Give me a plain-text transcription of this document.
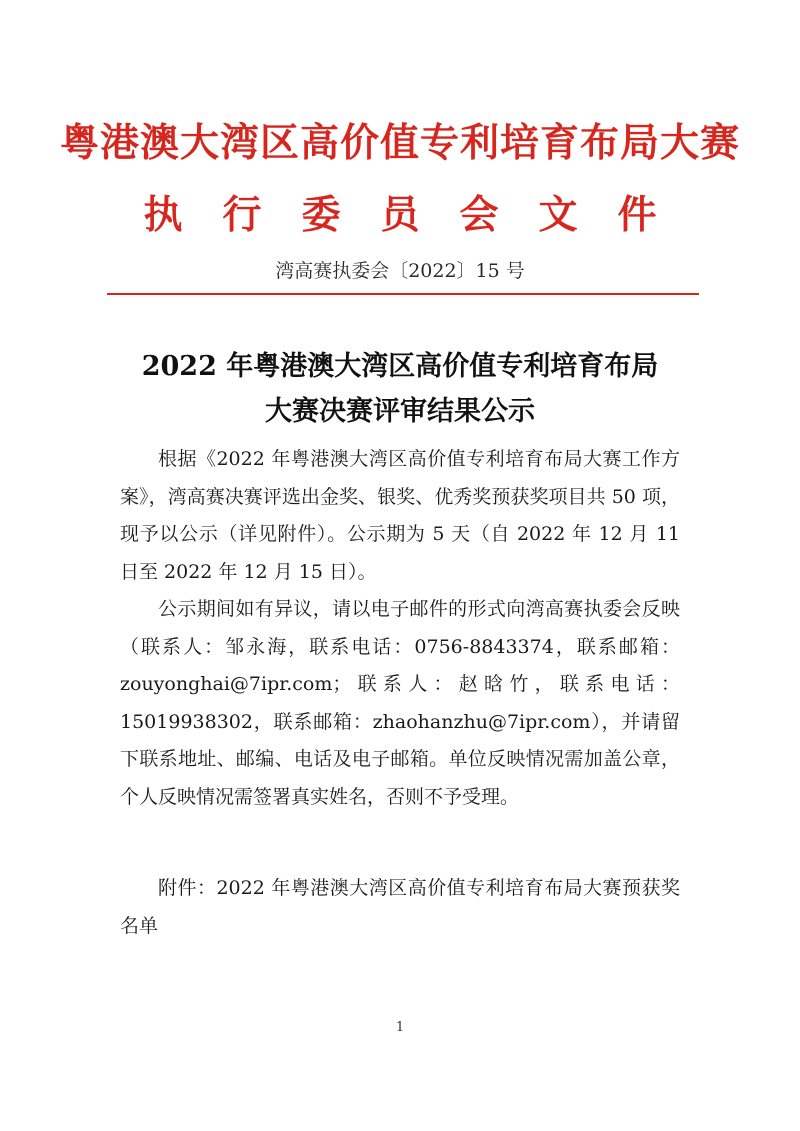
粤港澳大湾区高价值专利培育布局大赛
执行委员会文件
湾高赛执委会〔2022〕15 号
2022 年粤港澳大湾区高价值专利培育布局
大赛决赛评审结果公示

根据《2022 年粤港澳大湾区高价值专利培育布局大赛工作方案》，湾高赛决赛评选出金奖、银奖、优秀奖预获奖项目共 50 项，现予以公示（详见附件）。公示期为 5 天（自 2022 年 12 月 11 日至 2022 年 12 月 15 日）。

公示期间如有异议，请以电子邮件的形式向湾高赛执委会反映（联系人：邹永海，联系电话：0756-8843374，联系邮箱：zouyonghai@7ipr.com；联系人：赵晗竹，联系电话：15019938302，联系邮箱：zhaohanzhu@7ipr.com），并请留下联系地址、邮编、电话及电子邮箱。单位反映情况需加盖公章，个人反映情况需签署真实姓名，否则不予受理。

附件：2022 年粤港澳大湾区高价值专利培育布局大赛预获奖名单

1
